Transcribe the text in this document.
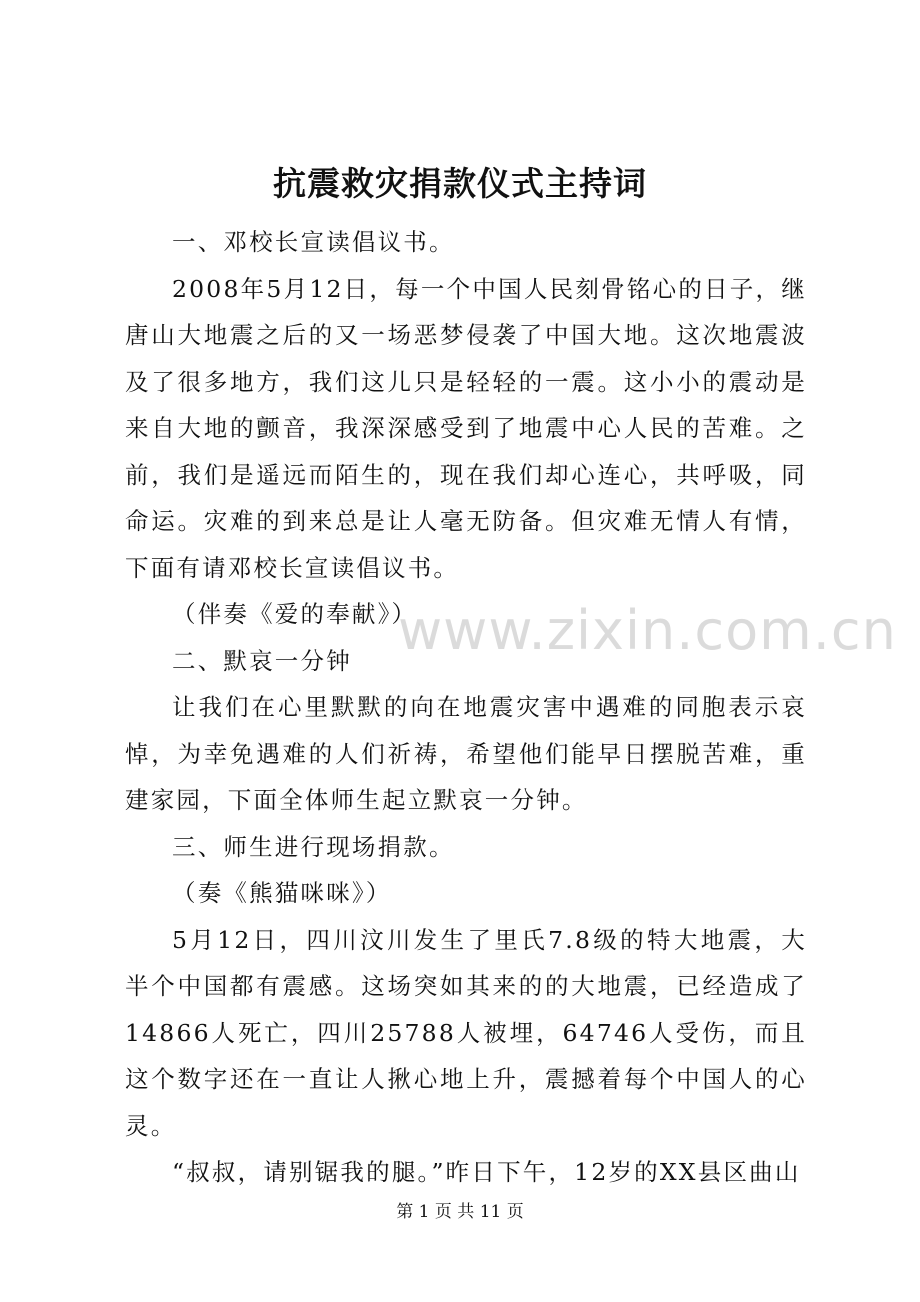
抗震救灾捐款仪式主持词

一、邓校长宣读倡议书。

2008年5月12日，每一个中国人民刻骨铭心的日子，继唐山大地震之后的又一场恶梦侵袭了中国大地。这次地震波及了很多地方，我们这儿只是轻轻的一震。这小小的震动是来自大地的颤音，我深深感受到了地震中心人民的苦难。之前，我们是遥远而陌生的，现在我们却心连心，共呼吸，同命运。灾难的到来总是让人毫无防备。但灾难无情人有情，下面有请邓校长宣读倡议书。

（伴奏《爱的奉献》）

二、默哀一分钟

让我们在心里默默的向在地震灾害中遇难的同胞表示哀悼，为幸免遇难的人们祈祷，希望他们能早日摆脱苦难，重建家园，下面全体师生起立默哀一分钟。

三、师生进行现场捐款。

（奏《熊猫咪咪》）

5月12日，四川汶川发生了里氏7.8级的特大地震，大半个中国都有震感。这场突如其来的的大地震，已经造成了14866人死亡，四川25788人被埋，64746人受伤，而且这个数字还在一直让人揪心地上升，震撼着每个中国人的心灵。

“叔叔，请别锯我的腿。”昨日下午，12岁的XX县区曲山

www.zixin.com.cn
第 1 页 共 11 页
